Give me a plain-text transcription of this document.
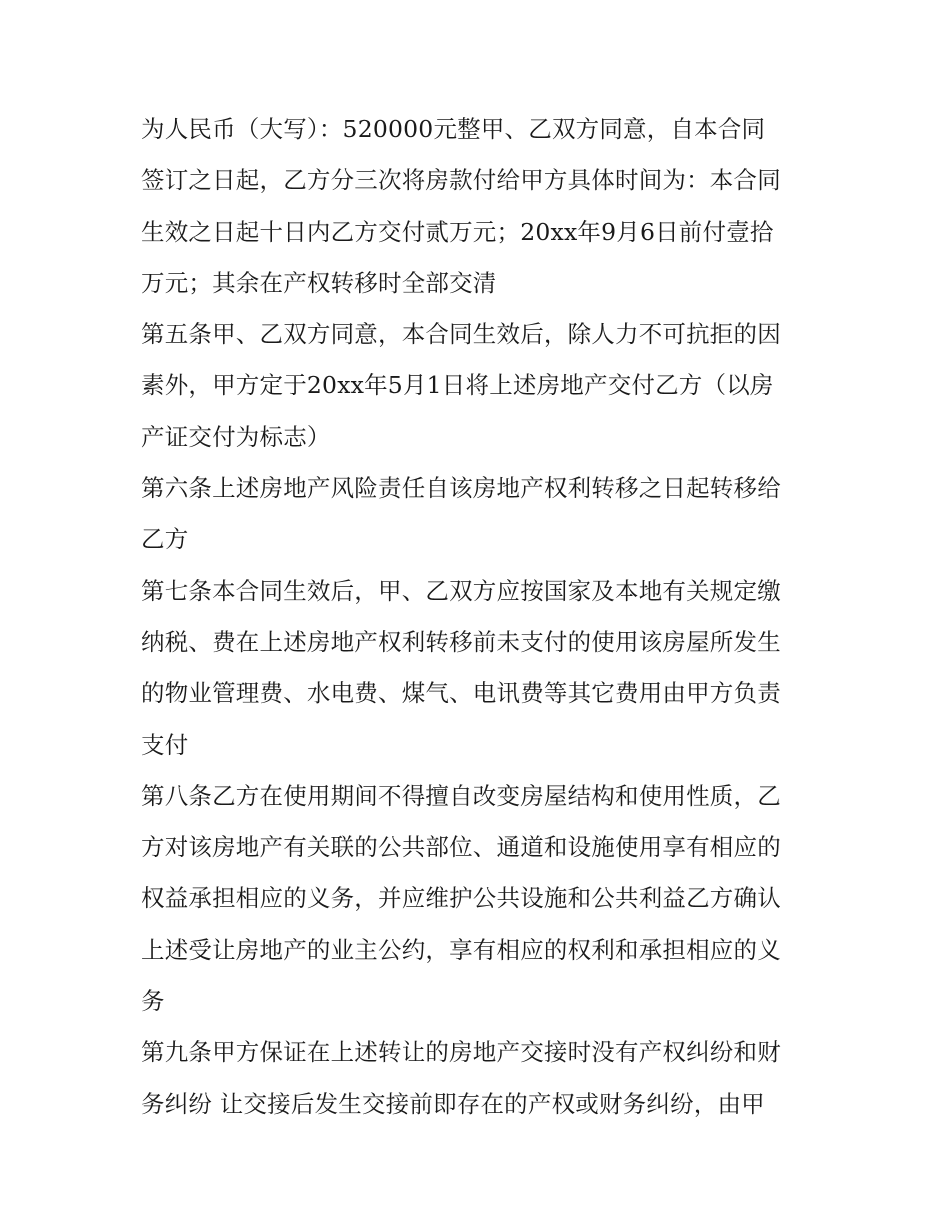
为人民币（大写）：520000元整甲、乙双方同意，自本合同
签订之日起，乙方分三次将房款付给甲方具体时间为：本合同
生效之日起十日内乙方交付贰万元；20xx年9月6日前付壹拾
万元；其余在产权转移时全部交清
第五条甲、乙双方同意，本合同生效后，除人力不可抗拒的因
素外，甲方定于20xx年5月1日将上述房地产交付乙方（以房
产证交付为标志）
第六条上述房地产风险责任自该房地产权利转移之日起转移给
乙方
第七条本合同生效后，甲、乙双方应按国家及本地有关规定缴
纳税、费在上述房地产权利转移前未支付的使用该房屋所发生
的物业管理费、水电费、煤气、电讯费等其它费用由甲方负责
支付
第八条乙方在使用期间不得擅自改变房屋结构和使用性质，乙
方对该房地产有关联的公共部位、通道和设施使用享有相应的
权益承担相应的义务，并应维护公共设施和公共利益乙方确认
上述受让房地产的业主公约，享有相应的权利和承担相应的义
务
第九条甲方保证在上述转让的房地产交接时没有产权纠纷和财
务纠纷 让交接后发生交接前即存在的产权或财务纠纷，由甲
